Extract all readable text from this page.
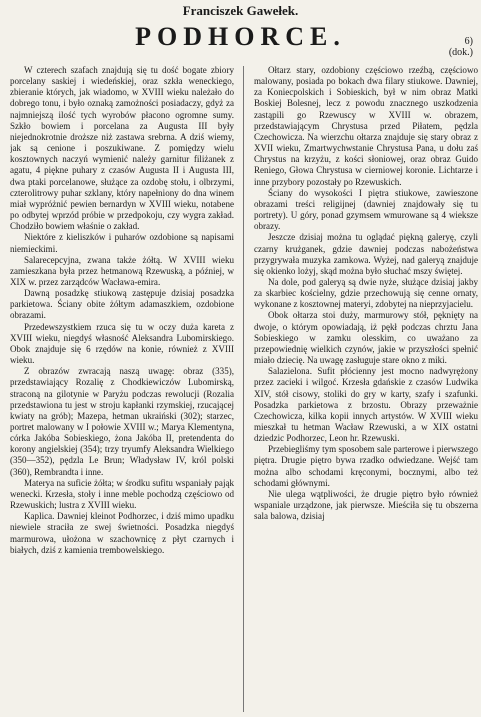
Franciszek Gawełek.
PODHORCE.	6)
(dok.)

W czterech szafach znajdują się tu dość bogate zbiory porcelany saskiej i wiedeńskiej, oraz szkła weneckiego, zbieranie których, jak wiadomo, w XVIII wieku należało do dobrego tonu, i było oznaką zamożności posiadaczy, gdyż za najmniejszą ilość tych wyrobów płacono ogromne sumy. Szkło bowiem i porcelana za Augusta III były niejednokrotnie droższe niż zastawa srebrna. A dziś wiemy, jak są cenione i poszukiwane. Z pomiędzy wielu kosztownych naczyń wymienić należy garnitur filiżanek z agatu, 4 piękne puhary z czasów Augusta II i Augusta III, dwa ptaki porcelanowe, służące za ozdobę stołu, i olbrzymi, czterolitrowy puhar szklany, który napełniony do dna winem miał wypróżnić pewien bernardyn w XVIII wieku, notabene po odbytej wprzód próbie w przedpokoju, czy wygra zakład. Chodziło bowiem właśnie o zakład.

Niektóre z kieliszków i puharów ozdobione są napisami niemieckimi.

Salarecepcyjna, zwana także żółtą. W XVIII wieku zamieszkana była przez hetmanową Rzewuską, a później, w XIX w. przez zarządców Wacława-emira.

Dawną posadzkę stiukową zastępuje dzisiaj posadzka parkietowa. Ściany obite żółtym adamaszkiem, ozdobione obrazami.

Przedewszystkiem rzuca się tu w oczy duża kareta z XVIII wieku, niegdyś własność Aleksandra Lubomirskiego. Obok znajduje się 6 rzędów na konie, również z XVIII wieku.

Z obrazów zwracają naszą uwagę: obraz (335), przedstawiający Rozalię z Chodkiewiczów Lubomirską, straconą na gilotynie w Paryżu podczas rewolucji (Rozalia przedstawiona tu jest w stroju kapłanki rzymskiej, rzucającej kwiaty na grób); Mazepa, hetman ukraiński (302); starzec, portret malowany w I połowie XVIII w.; Marya Klementyna, córka Jakóba Sobieskiego, żona Jakóba II, pretendenta do korony angielskiej (354); trzy tryumfy Aleksandra Wielkiego (350—352), pędzla Le Brun; Władysław IV, król polski (360), Rembrandta i inne.

Materya na suficie żółta; w środku sufitu wspaniały pająk wenecki. Krzesła, stoły i inne meble pochodzą częściowo od Rzewuskich; lustra z XVIII wieku.

Kaplica. Dawniej kleinot Podhorzec, i dziś mimo upadku niewiele straciła ze swej świetności. Posadzka niegdyś marmurowa, ułożona w szachownicę z płyt czarnych i białych, dziś z kamienia trembowelskiego.

Ołtarz stary, ozdobiony częściowo rzeźbą, częściowo malowany, posiada po bokach dwa filary stiukowe. Dawniej, za Koniecpolskich i Sobieskich, był w nim obraz Matki Boskiej Bolesnej, lecz z powodu znacznego uszkodzenia zastąpili go Rzewuscy w XVIII w. obrazem, przedstawiającym Chrystusa przed Piłatem, pędzla Czechowicza. Na wierzchu ołtarza znajduje się stary obraz z XVII wieku, Zmartwychwstanie Chrystusa Pana, u dołu zaś Chrystus na krzyżu, z kości słoniowej, oraz obraz Guido Reniego, Głowa Chrystusa w cierniowej koronie. Lichtarze i inne przybory pozostały po Rzewuskich.

Ściany do wysokości I piętra stiukowe, zawieszone obrazami treści religijnej (dawniej znajdowały się tu portrety). U góry, ponad gzymsem wmurowane są 4 wieksze obrazy.

Jeszcze dzisiaj można tu oglądać piękną galeryę, czyli czarny krużganek, gdzie dawniej podczas nabożeństwa przygrywała muzyka zamkowa. Wyżej, nad galeryą znajduje się okienko lożyj, skąd można było słuchać mszy świętej.

Na dole, pod galeryą są dwie nyże, służące dzisiaj jakby za skarbiec kościelny, gdzie przechowują się cenne ornaty, wykonane z kosztownej materyi, zdobytej na nieprzyjacielu.

Obok ołtarza stoi duży, marmurowy stół, pęknięty na dwoje, o którym opowiadają, iż pękł podczas chrztu Jana Sobieskiego w zamku olesskim, co uważano za przepowiednię wielkich czynów, jakie w przyszłości spełnić miało dziecię. Na uwagę zasługuje stare okno z miki.

Salazielona. Sufit płócienny jest mocno nadwyrężony przez zacieki i wilgoć. Krzesła gdańskie z czasów Ludwika XIV, stół cisowy, stoliki do gry w karty, szafy i szafunki. Posadzka parkietowa z brzostu. Obrazy przeważnie Czechowicza, kilka kopii innych artystów. W XVIII wieku mieszkał tu hetman Wacław Rzewuski, a w XIX ostatni dziedzic Podhorzec, Leon hr. Rzewuski.

Przebiegliśmy tym sposobem sale parterowe i pierwszego piętra. Drugie piętro bywa rzadko odwiedzane. Wejść tam można albo schodami kręconymi, bocznymi, albo też schodami głównymi.

Nie ulega wątpliwości, że drugie piętro było również wspaniale urządzone, jak pierwsze. Mieściła się tu obszerna sala balowa, dzisiaj
